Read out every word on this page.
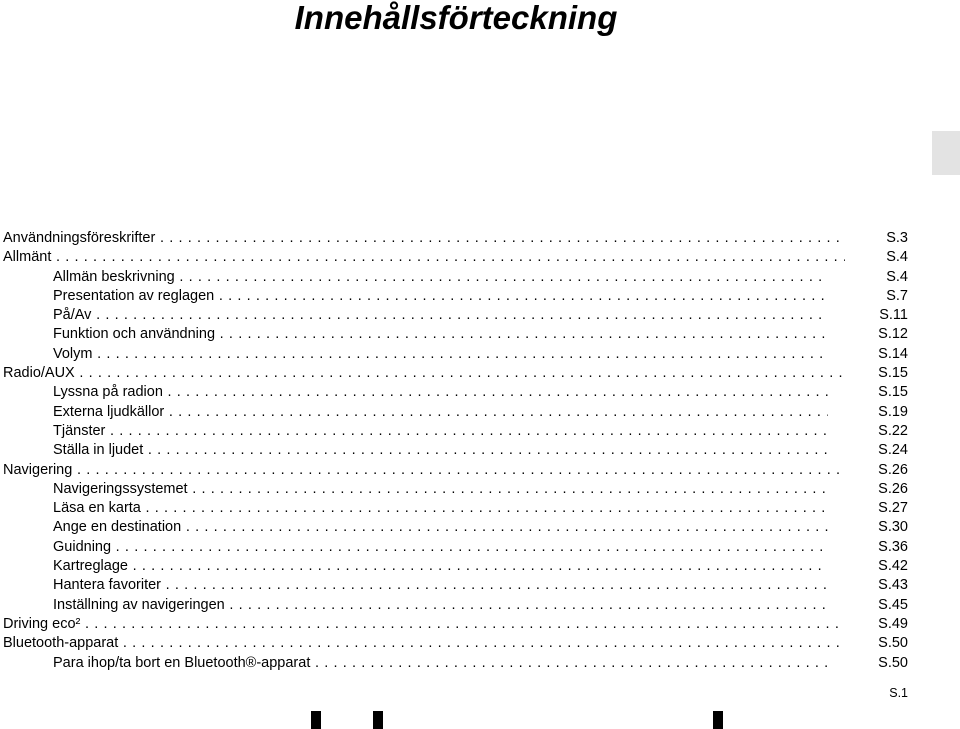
Innehållsförteckning
Användningsföreskrifter . . .	S.3
Allmänt . . .	S.4
Allmän beskrivning . . .	S.4
Presentation av reglagen . . .	S.7
På/Av . . .	S.11
Funktion och användning . . .	S.12
Volym . . .	S.14
Radio/AUX . . .	S.15
Lyssna på radion . . .	S.15
Externa ljudkällor . . .	S.19
Tjänster . . .	S.22
Ställa in ljudet . . .	S.24
Navigering . . .	S.26
Navigeringssystemet . . .	S.26
Läsa en karta . . .	S.27
Ange en destination . . .	S.30
Guidning . . .	S.36
Kartreglage . . .	S.42
Hantera favoriter . . .	S.43
Inställning av navigeringen . . .	S.45
Driving eco² . . .	S.49
Bluetooth-apparat . . .	S.50
Para ihop/ta bort en Bluetooth®-apparat . . .	S.50
S.1
